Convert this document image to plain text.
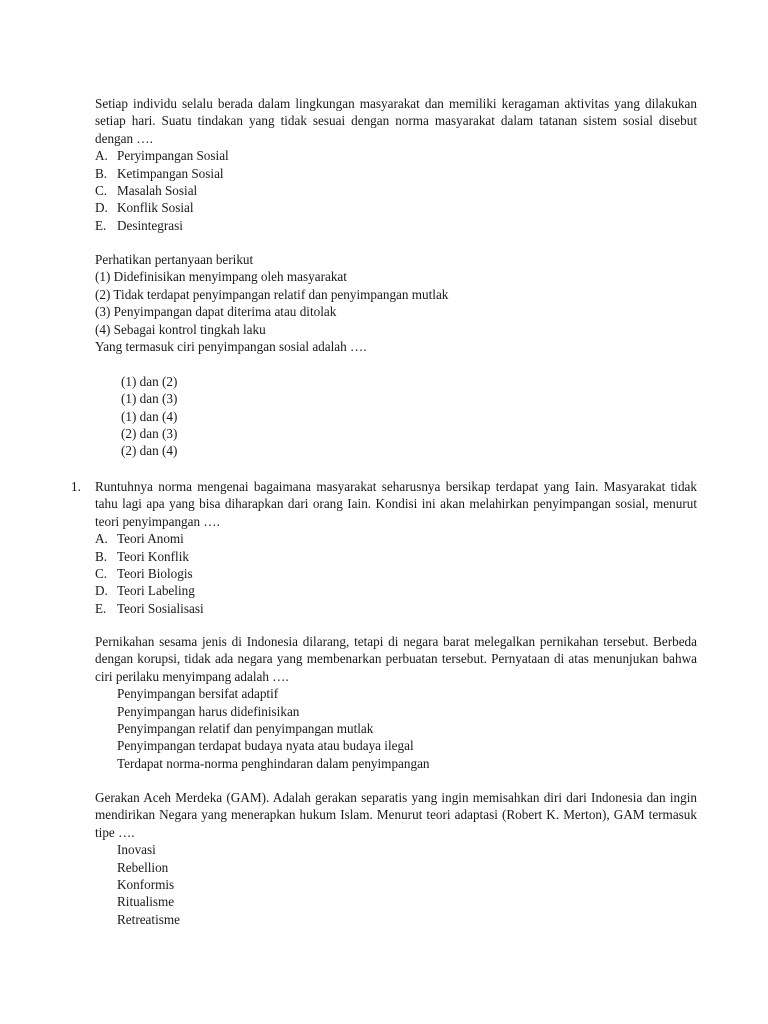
Setiap individu selalu berada dalam lingkungan masyarakat dan memiliki keragaman aktivitas yang dilakukan setiap hari. Suatu tindakan yang tidak sesuai dengan norma masyarakat dalam tatanan sistem sosial disebut dengan ….

A. Peryimpangan Sosial
B. Ketimpangan Sosial
C. Masalah Sosial
D. Konflik Sosial
E. Desintegrasi
Perhatikan pertanyaan berikut
(1) Didefinisikan menyimpang oleh masyarakat
(2) Tidak terdapat penyimpangan relatif dan penyimpangan mutlak
(3) Penyimpangan dapat diterima atau ditolak
(4) Sebagai kontrol tingkah laku
Yang termasuk ciri penyimpangan sosial adalah ….
(1) dan (2)
(1) dan (3)
(1) dan (4)
(2) dan (3)
(2) dan (4)
1. Runtuhnya norma mengenai bagaimana masyarakat seharusnya bersikap terdapat yang Iain. Masyarakat tidak tahu lagi apa yang bisa diharapkan dari orang Iain. Kondisi ini akan melahirkan penyimpangan sosial, menurut teori penyimpangan ….

A. Teori Anomi
B. Teori Konflik
C. Teori Biologis
D. Teori Labeling
E. Teori Sosialisasi

Pernikahan sesama jenis di Indonesia dilarang, tetapi di negara barat melegalkan pernikahan tersebut. Berbeda dengan korupsi, tidak ada negara yang membenarkan perbuatan tersebut. Pernyataan di atas menunjukan bahwa ciri perilaku menyimpang adalah ….

Penyimpangan bersifat adaptif
Penyimpangan harus didefinisikan
Penyimpangan relatif dan penyimpangan mutlak
Penyimpangan terdapat budaya nyata atau budaya ilegal
Terdapat norma-norma penghindaran dalam penyimpangan

Gerakan Aceh Merdeka (GAM). Adalah gerakan separatis yang ingin memisahkan diri dari Indonesia dan ingin mendirikan Negara yang menerapkan hukum Islam. Menurut teori adaptasi (Robert K. Merton), GAM termasuk tipe ….

Inovasi
Rebellion
Konformis
Ritualisme
Retreatisme
